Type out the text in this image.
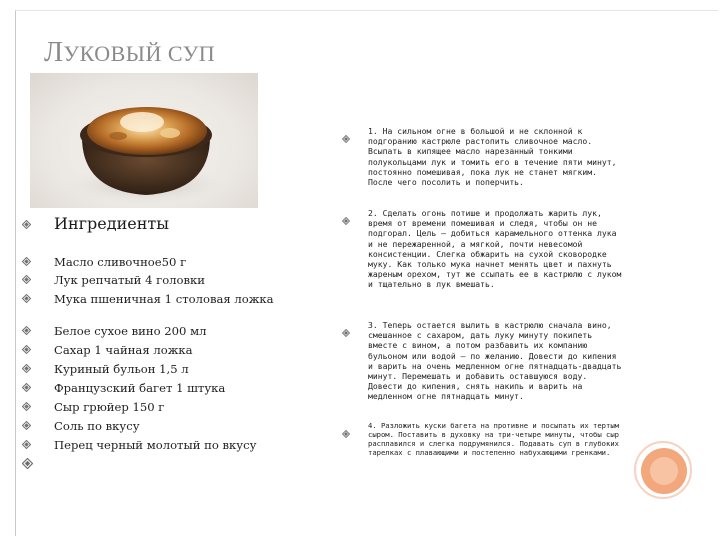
ЛУКОВЫЙ СУП
Ингредиенты
Масло сливочное50 г
Лук репчатый 4 головки
Мука пшеничная 1 столовая ложка
Белое сухое вино 200 мл
Сахар 1 чайная ложка
Куриный бульон 1,5 л
Французский багет 1 штука
Сыр грюйер 150 г
Соль по вкусу
Перец черный молотый по вкусу
1. На сильном огне в большой и не склонной к подгоранию кастрюле растопить сливочное масло. Всыпать в кипящее масло нарезанный тонкими полукольцами лук и томить его в течение пяти минут, постоянно помешивая, пока лук не станет мягким. После чего посолить и поперчить.
2. Сделать огонь потише и продолжать жарить лук, время от времени помешивая и следя, чтобы он не подгорал. Цель — добиться карамельного оттенка лука и не пережаренной, а мягкой, почти невесомой консистенции. Слегка обжарить на сухой сковородке муку. Как только мука начнет менять цвет и пахнуть жареным орехом, тут же ссыпать ее в кастрюлю с луком и тщательно в лук вмешать.
3. Теперь остается вылить в кастрюлю сначала вино, смешанное с сахаром, дать луку минуту покипеть вместе с вином, а потом разбавить их компанию бульоном или водой — по желанию. Довести до кипения и варить на очень медленном огне пятнадцать-двадцать минут. Перемешать и добавить оставшуюся воду. Довести до кипения, снять накипь и варить на медленном огне пятнадцать минут.
4. Разложить куски багета на противне и посыпать их тертым сыром. Поставить в духовку на три-четыре минуты, чтобы сыр расплавился и слегка подрумянился. Подавать суп в глубоких тарелках с плавающими и постепенно набухающими гренками.
